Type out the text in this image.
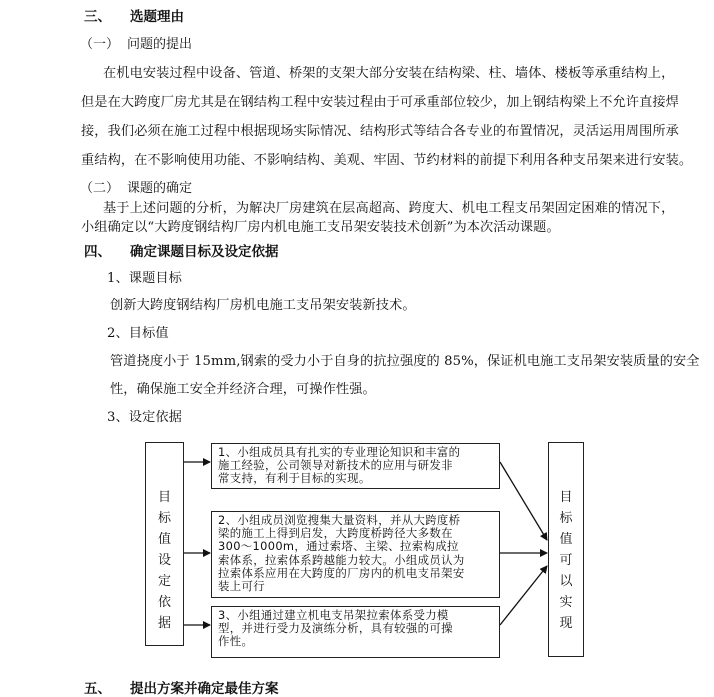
三、 选题理由
（一） 问题的提出
在机电安装过程中设备、管道、桥架的支架大部分安装在结构梁、柱、墙体、楼板等承重结构上，
但是在大跨度厂房尤其是在钢结构工程中安装过程由于可承重部位较少，加上钢结构梁上不允许直接焊
接，我们必须在施工过程中根据现场实际情况、结构形式等结合各专业的布置情况，灵活运用周围所承
重结构，在不影响使用功能、不影响结构、美观、牢固、节约材料的前提下利用各种支吊架来进行安装。
（二） 课题的确定
基于上述问题的分析，为解决厂房建筑在层高超高、跨度大、机电工程支吊架固定困难的情况下，
小组确定以“大跨度钢结构厂房内机电施工支吊架安装技术创新”为本次活动课题。
四、 确定课题目标及设定依据
1、课题目标
创新大跨度钢结构厂房机电施工支吊架安装新技术。
2、目标值
管道挠度小于 15mm,钢索的受力小于自身的抗拉强度的 85%，保证机电施工支吊架安装质量的安全
性，确保施工安全并经济合理，可操作性强。
3、设定依据
目
标
值
设
定
依
据
目
标
值
可
以
实
现
1、小组成员具有扎实的专业理论知识和丰富的
施工经验，公司领导对新技术的应用与研发非
常支持，有利于目标的实现。
2、小组成员浏览搜集大量资料，并从大跨度桥
梁的施工上得到启发，大跨度桥跨径大多数在
300～1000m，通过索塔、主梁、拉索构成拉
索体系，拉索体系跨越能力较大。小组成员认为
拉索体系应用在大跨度的厂房内的机电支吊架安
装上可行
3、小组通过建立机电支吊架拉索体系受力模
型，并进行受力及演练分析，具有较强的可操
作性。
五、 提出方案并确定最佳方案
